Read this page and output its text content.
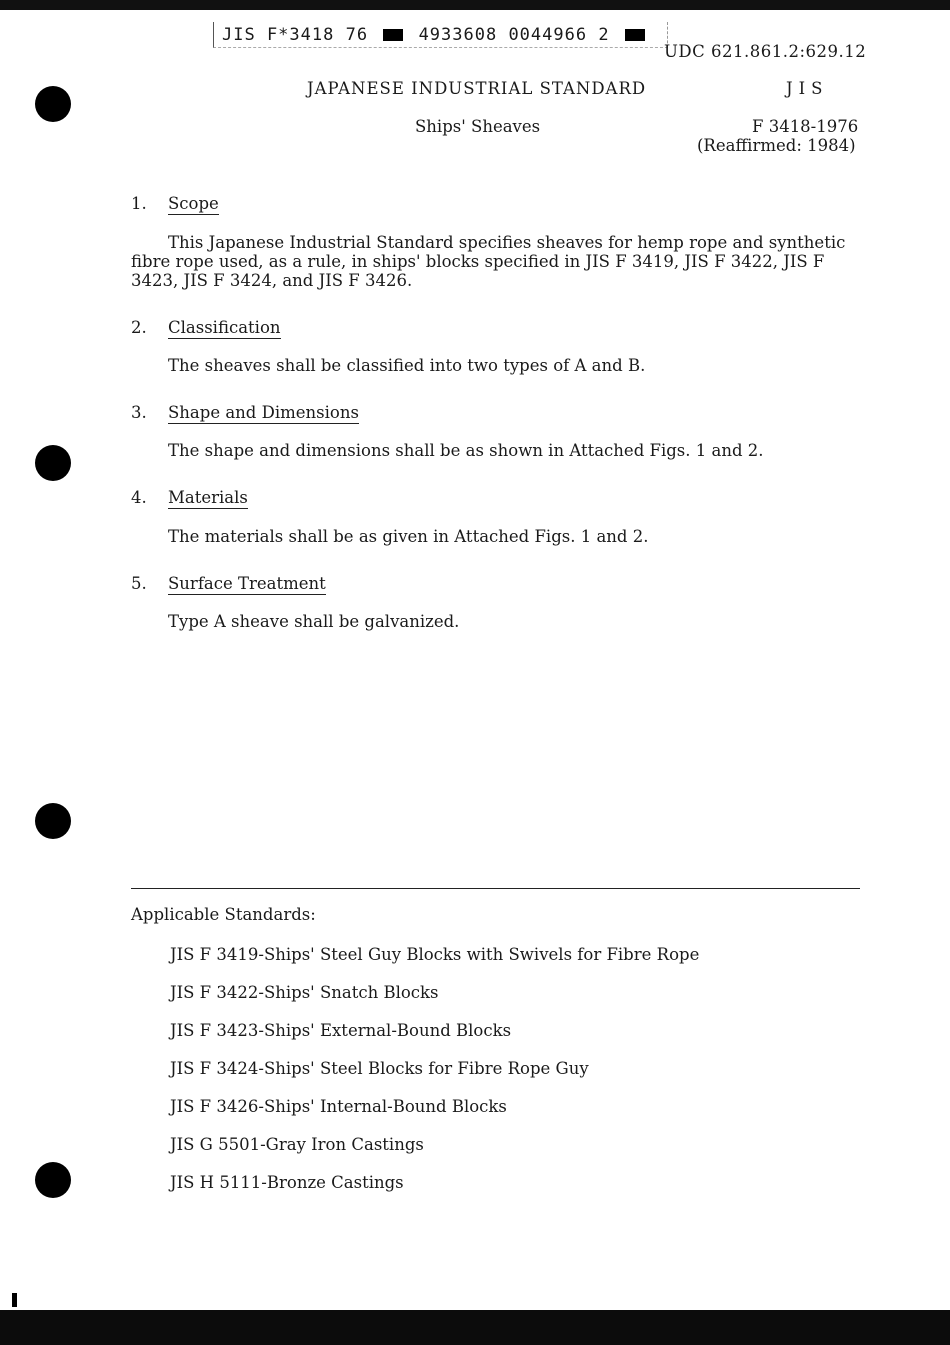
JIS F*3418 76	4933608 0044966 2
UDC 621.861.2:629.12
JAPANESE INDUSTRIAL STANDARD	JIS
Ships' Sheaves	F 3418-1976
(Reaffirmed: 1984)
1. Scope
This Japanese Industrial Standard specifies sheaves for hemp rope and synthetic fibre rope used, as a rule, in ships' blocks specified in JIS F 3419, JIS F 3422, JIS F 3423, JIS F 3424, and JIS F 3426.
2. Classification
The sheaves shall be classified into two types of A and B.
3. Shape and Dimensions
The shape and dimensions shall be as shown in Attached Figs. 1 and 2.
4. Materials
The materials shall be as given in Attached Figs. 1 and 2.
5. Surface Treatment
Type A sheave shall be galvanized.
Applicable Standards:
JIS F 3419-Ships' Steel Guy Blocks with Swivels for Fibre Rope
JIS F 3422-Ships' Snatch Blocks
JIS F 3423-Ships' External-Bound Blocks
JIS F 3424-Ships' Steel Blocks for Fibre Rope Guy
JIS F 3426-Ships' Internal-Bound Blocks
JIS G 5501-Gray Iron Castings
JIS H 5111-Bronze Castings
